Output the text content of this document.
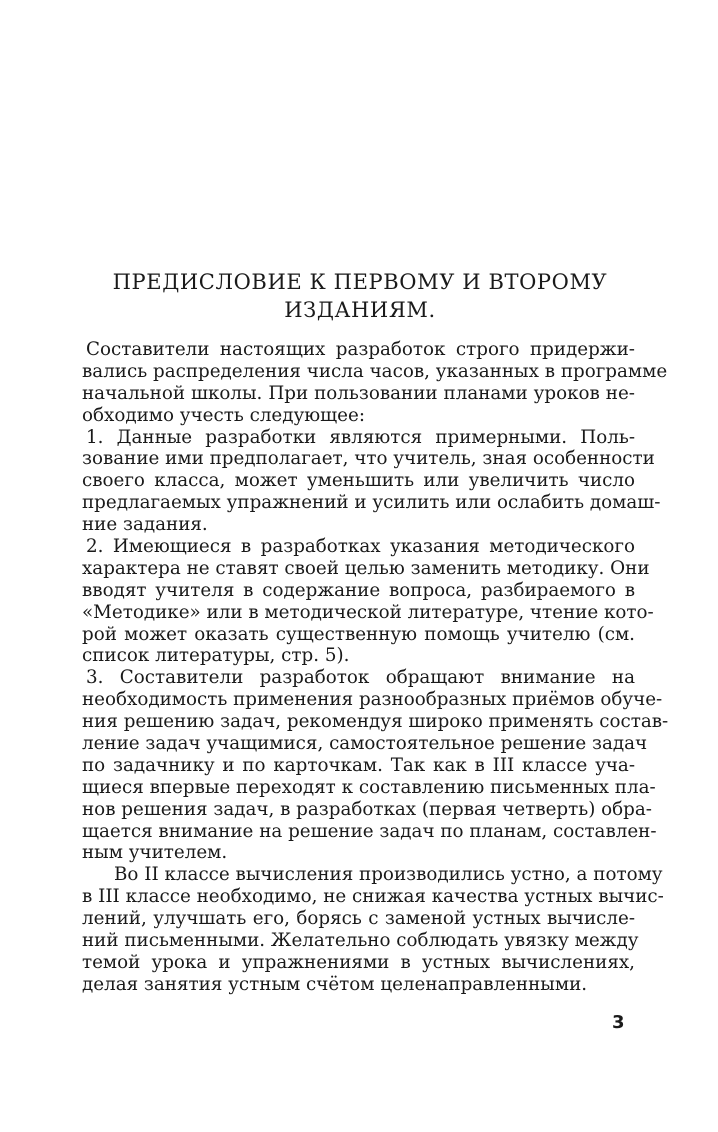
ПРЕДИСЛОВИЕ К ПЕРВОМУ И ВТОРОМУ
ИЗДАНИЯМ.
Составители настоящих разработок строго придержи-
вались распределения числа часов, указанных в программе
начальной школы. При пользовании планами уроков не-
обходимо учесть следующее:
1. Данные разработки являются примерными. Поль-
зование ими предполагает, что учитель, зная особенности
своего класса, может уменьшить или увеличить число
предлагаемых упражнений и усилить или ослабить домаш-
ние задания.
2. Имеющиеся в разработках указания методического
характера не ставят своей целью заменить методику. Они
вводят учителя в содержание вопроса, разбираемого в
«Методике» или в методической литературе, чтение кото-
рой может оказать существенную помощь учителю (см.
список литературы, стр. 5).
3. Составители разработок обращают внимание на
необходимость применения разнообразных приёмов обуче-
ния решению задач, рекомендуя широко применять состав-
ление задач учащимися, самостоятельное решение задач
по задачнику и по карточкам. Так как в III классе уча-
щиеся впервые переходят к составлению письменных пла-
нов решения задач, в разработках (первая четверть) обра-
щается внимание на решение задач по планам, составлен-
ным учителем.
Во II классе вычисления производились устно, а потому
в III классе необходимо, не снижая качества устных вычис-
лений, улучшать его, борясь с заменой устных вычисле-
ний письменными. Желательно соблюдать увязку между
темой урока и упражнениями в устных вычислениях,
делая занятия устным счётом целенаправленными.
3
